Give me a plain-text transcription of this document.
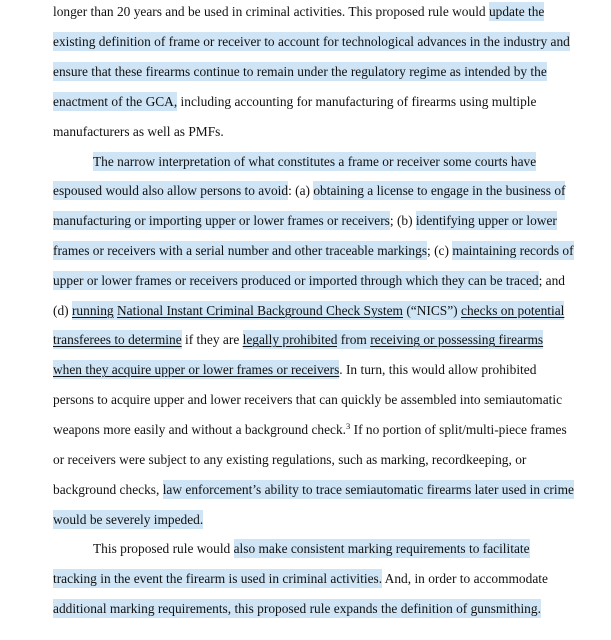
longer than 20 years and be used in criminal activities. This proposed rule would update the
existing definition of frame or receiver to account for technological advances in the industry and
ensure that these firearms continue to remain under the regulatory regime as intended by the
enactment of the GCA, including accounting for manufacturing of firearms using multiple
manufacturers as well as PMFs.
The narrow interpretation of what constitutes a frame or receiver some courts have
espoused would also allow persons to avoid: (a) obtaining a license to engage in the business of
manufacturing or importing upper or lower frames or receivers; (b) identifying upper or lower
frames or receivers with a serial number and other traceable markings; (c) maintaining records of
upper or lower frames or receivers produced or imported through which they can be traced; and
(d) running National Instant Criminal Background Check System (“NICS”) checks on potential
transferees to determine if they are legally prohibited from receiving or possessing firearms
when they acquire upper or lower frames or receivers. In turn, this would allow prohibited
persons to acquire upper and lower receivers that can quickly be assembled into semiautomatic
weapons more easily and without a background check.$^3$ If no portion of split/multi-piece frames
or receivers were subject to any existing regulations, such as marking, recordkeeping, or
background checks, law enforcement’s ability to trace semiautomatic firearms later used in crime
would be severely impeded.
This proposed rule would also make consistent marking requirements to facilitate
tracking in the event the firearm is used in criminal activities. And, in order to accommodate
additional marking requirements, this proposed rule expands the definition of gunsmithing.
